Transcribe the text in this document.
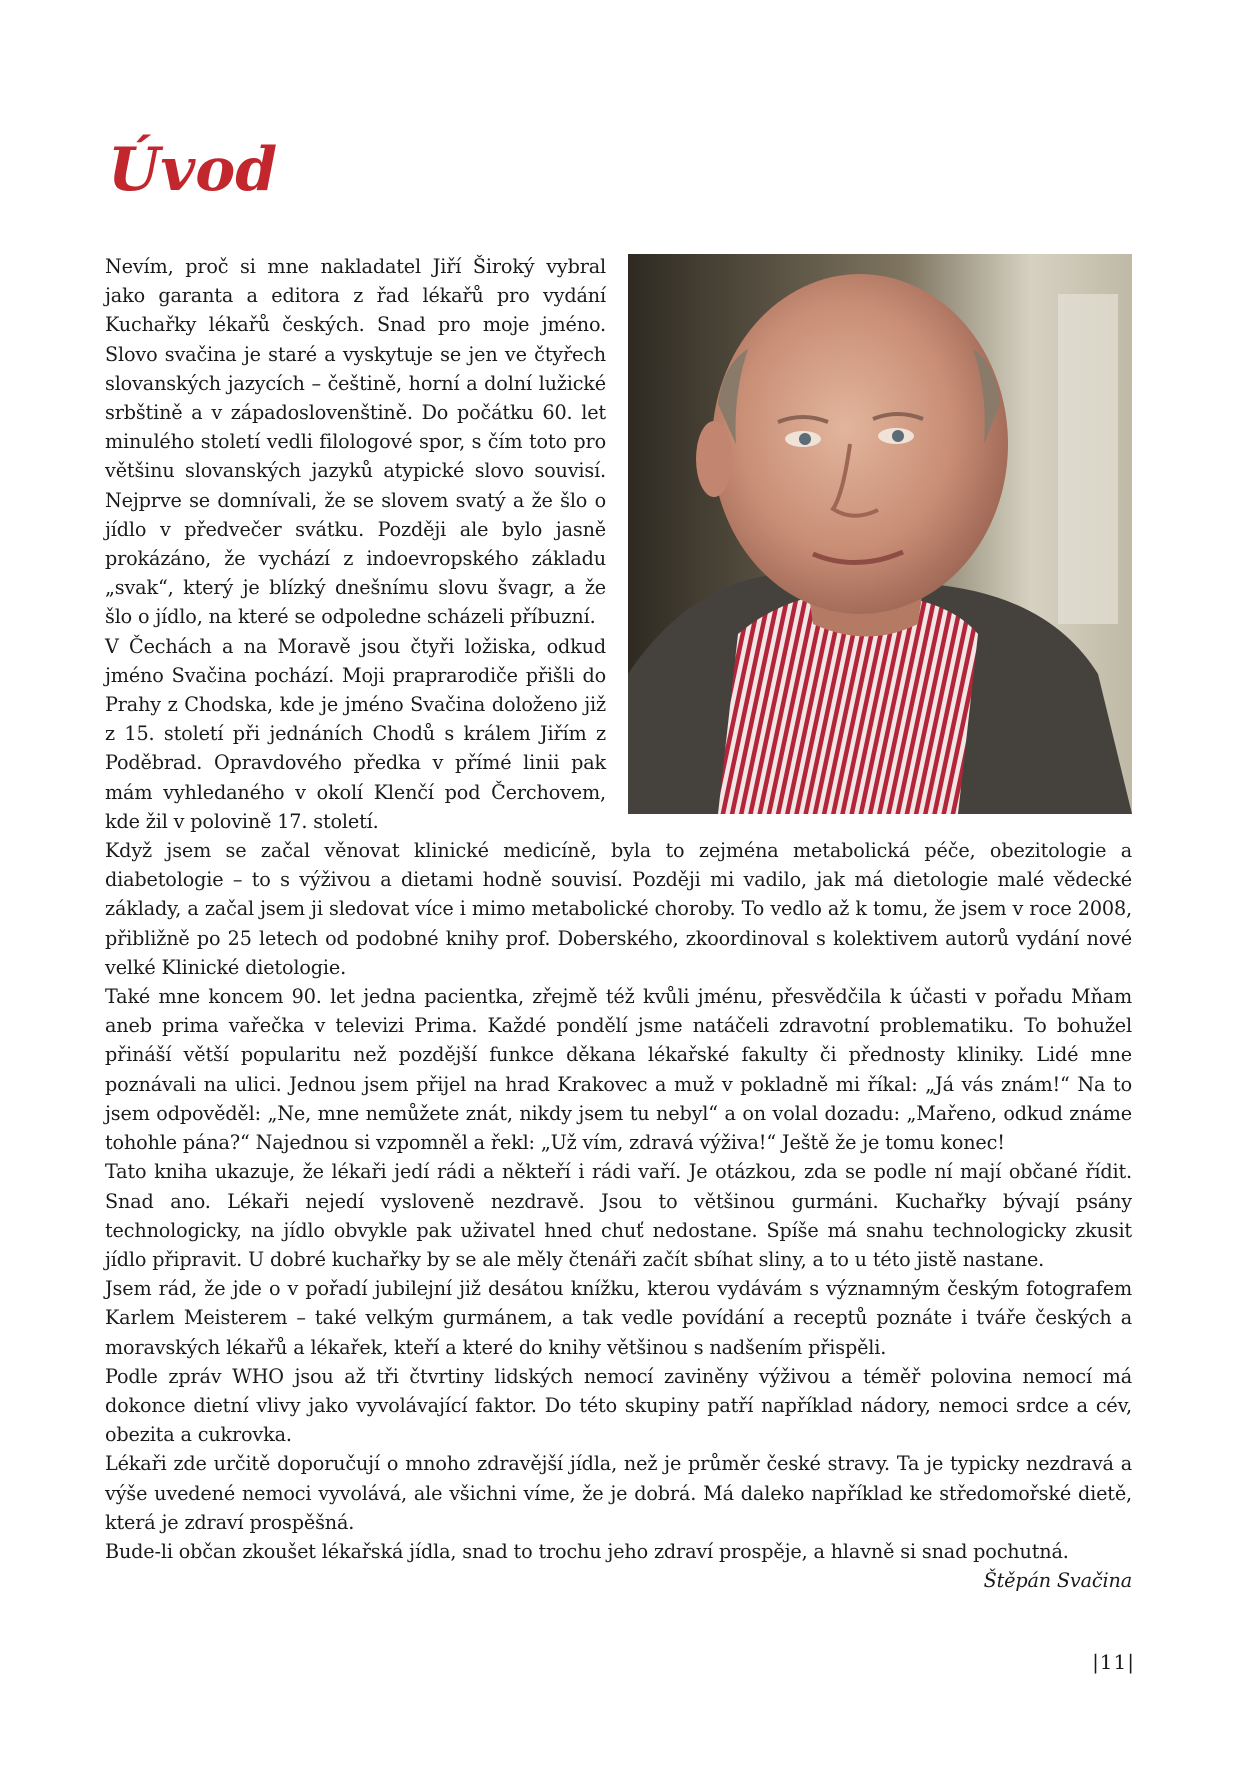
Úvod

Nevím, proč si mne nakladatel Jiří Široký vybral jako garanta a editora z řad lékařů pro vydání Kuchařky lékařů českých. Snad pro moje jméno. Slovo svačina je staré a vyskytuje se jen ve čtyřech slovanských jazycích – češtině, horní a dolní lužické srbštině a v západoslovenštině. Do počátku 60. let minulého století vedli filologové spor, s čím toto pro většinu slovanských jazyků atypické slovo souvisí. Nejprve se domnívali, že se slovem svatý a že šlo o jídlo v předvečer svátku. Později ale bylo jasně prokázáno, že vychází z indoevropského základu „svak“, který je blízký dnešnímu slovu švagr, a že šlo o jídlo, na které se odpoledne scházeli příbuzní.

V Čechách a na Moravě jsou čtyři ložiska, odkud jméno Svačina pochází. Moji praprarodiče přišli do Prahy z Chodska, kde je jméno Svačina doloženo již z 15. století při jednáních Chodů s králem Jiřím z Poděbrad. Opravdového předka v přímé linii pak mám vyhledaného v okolí Klenčí pod Čerchovem, kde žil v polovině 17. století.

Když jsem se začal věnovat klinické medicíně, byla to zejména metabolická péče, obezitologie a diabetologie – to s výživou a dietami hodně souvisí. Později mi vadilo, jak má dietologie malé vědecké základy, a začal jsem ji sledovat více i mimo metabolické choroby. To vedlo až k tomu, že jsem v roce 2008, přibližně po 25 letech od podobné knihy prof. Doberského, zkoordinoval s kolektivem autorů vydání nové velké Klinické dietologie.

Také mne koncem 90. let jedna pacientka, zřejmě též kvůli jménu, přesvědčila k účasti v pořadu Mňam aneb prima vařečka v televizi Prima. Každé pondělí jsme natáčeli zdravotní problematiku. To bohužel přináší větší popularitu než pozdější funkce děkana lékařské fakulty či přednosty kliniky. Lidé mne poznávali na ulici. Jednou jsem přijel na hrad Krakovec a muž v pokladně mi říkal: „Já vás znám!“ Na to jsem odpověděl: „Ne, mne nemůžete znát, nikdy jsem tu nebyl“ a on volal dozadu: „Mařeno, odkud známe tohohle pána?“ Najednou si vzpomněl a řekl: „Už vím, zdravá výživa!“ Ještě že je tomu konec!

Tato kniha ukazuje, že lékaři jedí rádi a někteří i rádi vaří. Je otázkou, zda se podle ní mají občané řídit. Snad ano. Lékaři nejedí vysloveně nezdravě. Jsou to většinou gurmáni. Kuchařky bývají psány technologicky, na jídlo obvykle pak uživatel hned chuť nedostane. Spíše má snahu technologicky zkusit jídlo připravit. U dobré kuchařky by se ale měly čtenáři začít sbíhat sliny, a to u této jistě nastane.

Jsem rád, že jde o v pořadí jubilejní již desátou knížku, kterou vydávám s významným českým fotografem Karlem Meisterem – také velkým gurmánem, a tak vedle povídání a receptů poznáte i tváře českých a moravských lékařů a lékařek, kteří a které do knihy většinou s nadšením přispěli.

Podle zpráv WHO jsou až tři čtvrtiny lidských nemocí zaviněny výživou a téměř polovina nemocí má dokonce dietní vlivy jako vyvolávající faktor. Do této skupiny patří například nádory, nemoci srdce a cév, obezita a cukrovka.

Lékaři zde určitě doporučují o mnoho zdravější jídla, než je průměr české stravy. Ta je typicky nezdravá a výše uvedené nemoci vyvolává, ale všichni víme, že je dobrá. Má daleko například ke středomořské dietě, která je zdraví prospěšná.

Bude-li občan zkoušet lékařská jídla, snad to trochu jeho zdraví prospěje, a hlavně si snad pochutná.

Štěpán Svačina
|11|
